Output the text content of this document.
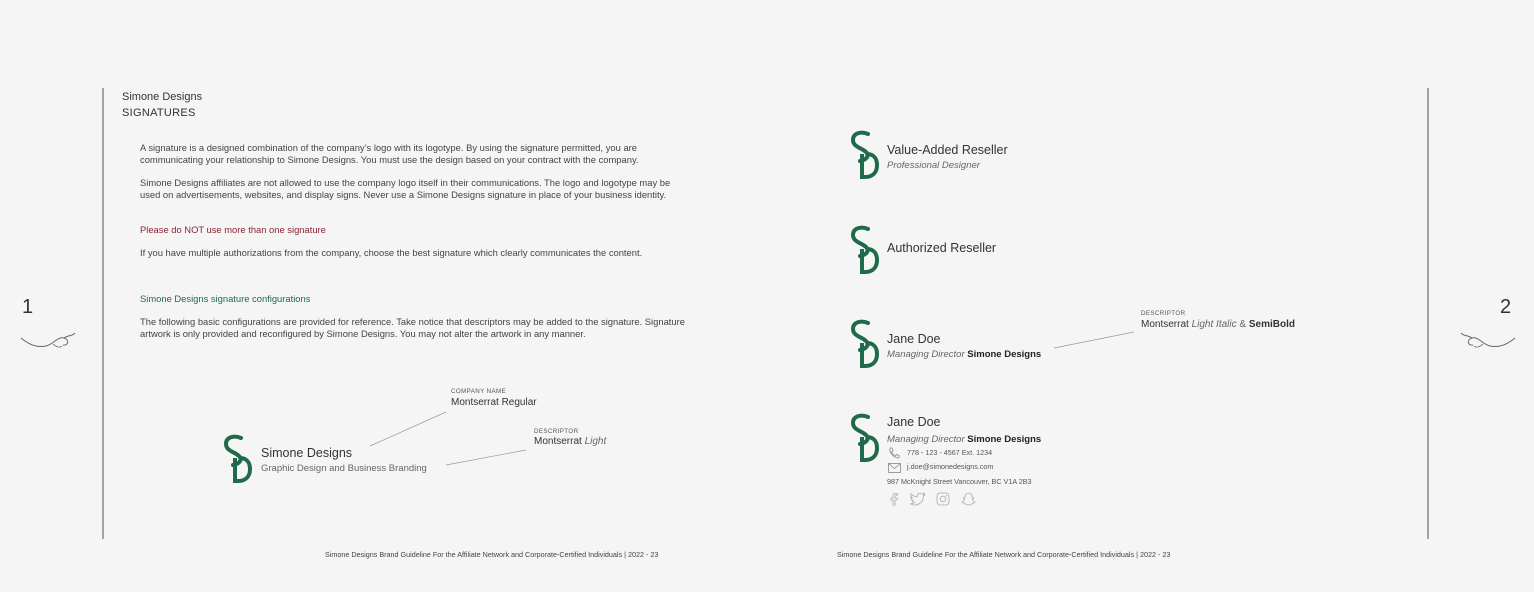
1	2
Simone Designs
SIGNATURES
A signature is a designed combination of the company’s logo with its logotype. By using the signature permitted, you are communicating your relationship to Simone Designs. You must use the design based on your contract with the company.
Simone Designs affiliates are not allowed to use the company logo itself in their communications. The logo and logotype may be used on advertisements, websites, and display signs. Never use a Simone Designs signature in place of your business identity.
Please do NOT use more than one signature
If you have multiple authorizations from the company, choose the best signature which clearly communicates the content.
Simone Designs signature configurations
The following basic configurations are provided for reference. Take notice that descriptors may be added to the signature. Signature artwork is only provided and reconfigured by Simone Designs. You may not alter the artwork in any manner.
Simone Designs
Graphic Design and Business Branding
COMPANY NAME
Montserrat Regular
DESCRIPTOR
Montserrat Light
Value-Added Reseller
Professional Designer
Authorized Reseller
Jane Doe
Managing Director Simone Designs
DESCRIPTOR
Montserrat Light Italic & SemiBold
Jane Doe
Managing Director Simone Designs
778 - 123 - 4567 Ext. 1234
j.doe@simonedesigns.com
987 McKnight Street Vancouver, BC V1A 2B3
Simone Designs Brand Guideline For the Affiliate Network and Corporate-Certified Individuals | 2022 - 23	Simone Designs Brand Guideline For the Affiliate Network and Corporate-Certified Individuals | 2022 - 23
